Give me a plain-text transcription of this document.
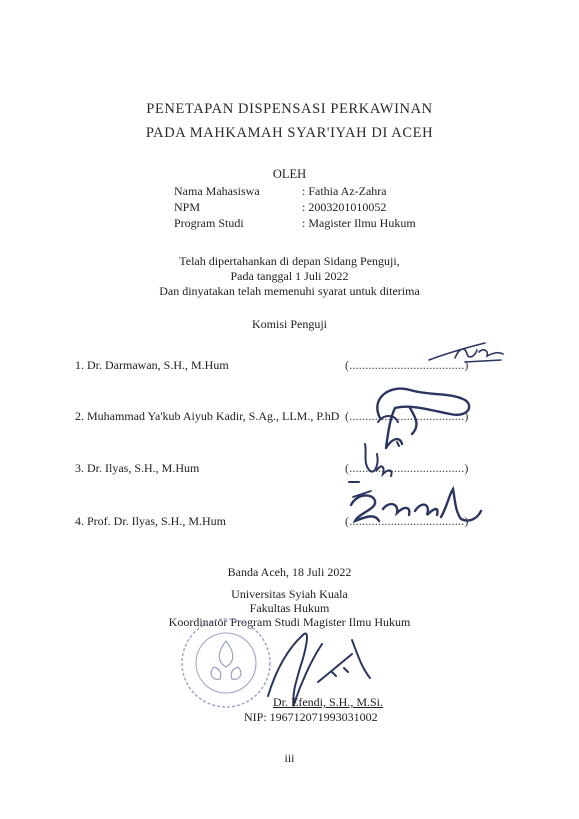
PENETAPAN DISPENSASI PERKAWINAN
PADA MAHKAMAH SYAR'IYAH DI ACEH
OLEH
Nama Mahasiswa	: Fathia Az-Zahra
NPM	: 2003201010052
Program Studi	: Magister Ilmu Hukum
Telah dipertahankan di depan Sidang Penguji,
Pada tanggal 1 Juli 2022
Dan dinyatakan telah memenuhi syarat untuk diterima
Komisi Penguji
1. Dr. Darmawan, S.H., M.Hum	(....................................)
2. Muhammad Ya'kub Aiyub Kadir, S.Ag., LLM., P.hD (....................................)
3. Dr. Ilyas, S.H., M.Hum	(....................................)
4. Prof. Dr. Ilyas, S.H., M.Hum	(....................................)
Banda Aceh, 18 Juli 2022
Universitas Syiah Kuala
Fakultas Hukum
Koordinator Program Studi Magister Ilmu Hukum
Dr. Efendi, S.H., M.Si.
NIP: 196712071993031002
iii
